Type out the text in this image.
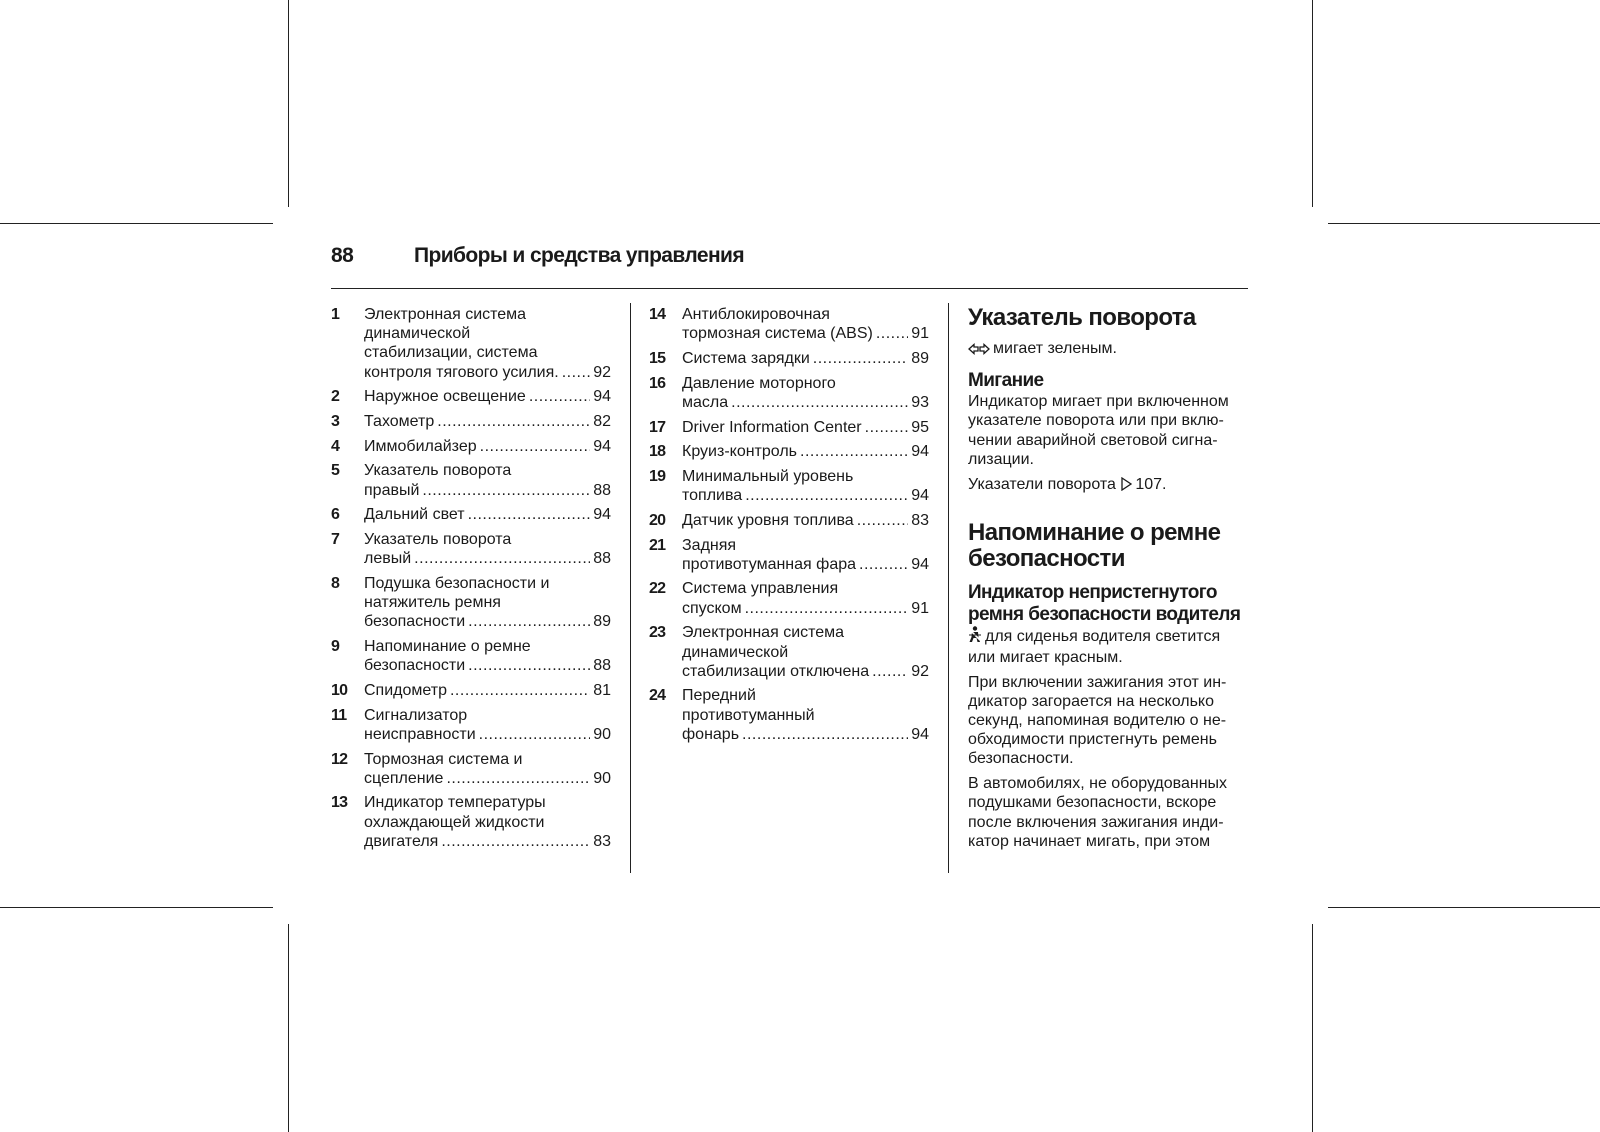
88	Приборы и средства управления
1 Электронная система
динамической
стабилизации, система
контроля тягового усилия. ..... 92
2 Наружное освещение .....	94
3 Тахометр .....	82
4 Иммобилайзер .....	94
5 Указатель поворота
правый .....	88
6 Дальний свет .....	94
7 Указатель поворота
левый .....	88
8 Подушка безопасности и
натяжитель ремня
безопасности .....	89
9 Напоминание о ремне
безопасности .....	88
10 Спидометр .....	81
11 Сигнализатор
неисправности .....	90
12 Тормозная система и
сцепление .....	90
13 Индикатор температуры
охлаждающей жидкости
двигателя .....	83
14 Антиблокировочная
тормозная система (ABS) ..... 91
15 Система зарядки .....	89
16 Давление моторного
масла .....	93
17 Driver Information Center .....	95
18 Круиз-контроль .....	94
19 Минимальный уровень
топлива .....	94
20 Датчик уровня топлива .....	83
21 Задняя
противотуманная фара .....	94
22 Система управления
спуском .....	91
23 Электронная система
динамической
стабилизации отключена .....	92
24 Передний
противотуманный
фонарь .....	94
Указатель поворота

мигает зеленым.

Мигание

Индикатор мигает при включенном указателе поворота или при включении аварийной световой сигнализации.

Указатели поворота 107.

Напоминание о ремне безопасности
Индикатор непристегнутого ремня безопасности водителя

для сиденья водителя светится или мигает красным.

При включении зажигания этот индикатор загорается на несколько секунд, напоминая водителю о необходимости пристегнуть ремень безопасности.

В автомобилях, не оборудованных подушками безопасности, вскоре после включения зажигания индикатор начинает мигать, при этом
